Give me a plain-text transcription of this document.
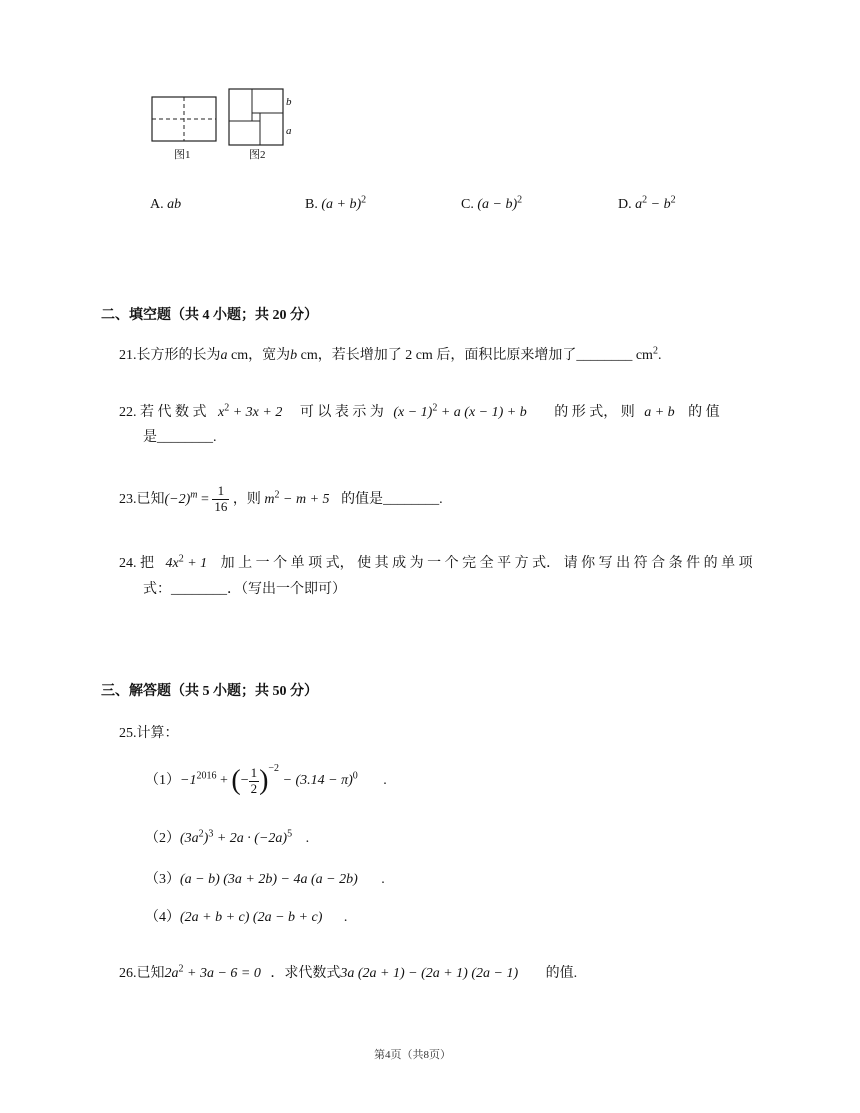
图1
b
a
图2
A. ab	B. $(a + b)^2$	C. $(a - b)^2$	D. $a^2 - b^2$
二、填空题（共 4 小题；共 20 分）
21.长方形的长为a cm，宽为b cm，若长增加了 2 cm 后，面积比原来增加了________ $cm^2$.
22. 若 代 数 式 $x^2 + 3x + 2$ 可 以 表 示 为 $(x - 1)^2 + a$ (x − 1) + b 的 形 式， 则 a + b 的 值
是________.
23.已知$(-2)^m = \frac{1}{16}$ ，则 $m^2 - m + 5$ 的值是________.
24. 把 $4x^2 + 1$ 加 上 一 个 单 项 式， 使 其 成 为 一 个 完 全 平 方 式． 请 你 写 出 符 合 条 件 的 单 项
式：________．（写出一个即可）
三、解答题（共 5 小题；共 50 分）
25.计算：
$(1)-1^{2016}$ + (− $\frac{1}{2} )^{-2} - (3.14 - \pi)^0$ .
$(2)(3a^2)^3 + 2a \cdot (-2a)^5$ .
（3）(a − b) (3a + 2b) − 4a (a − 2b) .
（4）(2a + b + c) (2a − b + c) .
26.已知$2a^2 + 3a - 6 = 0$ ．求代数式3a (2a + 1) − (2a + 1) (2a − 1) 的值.
第4页（共8页）
